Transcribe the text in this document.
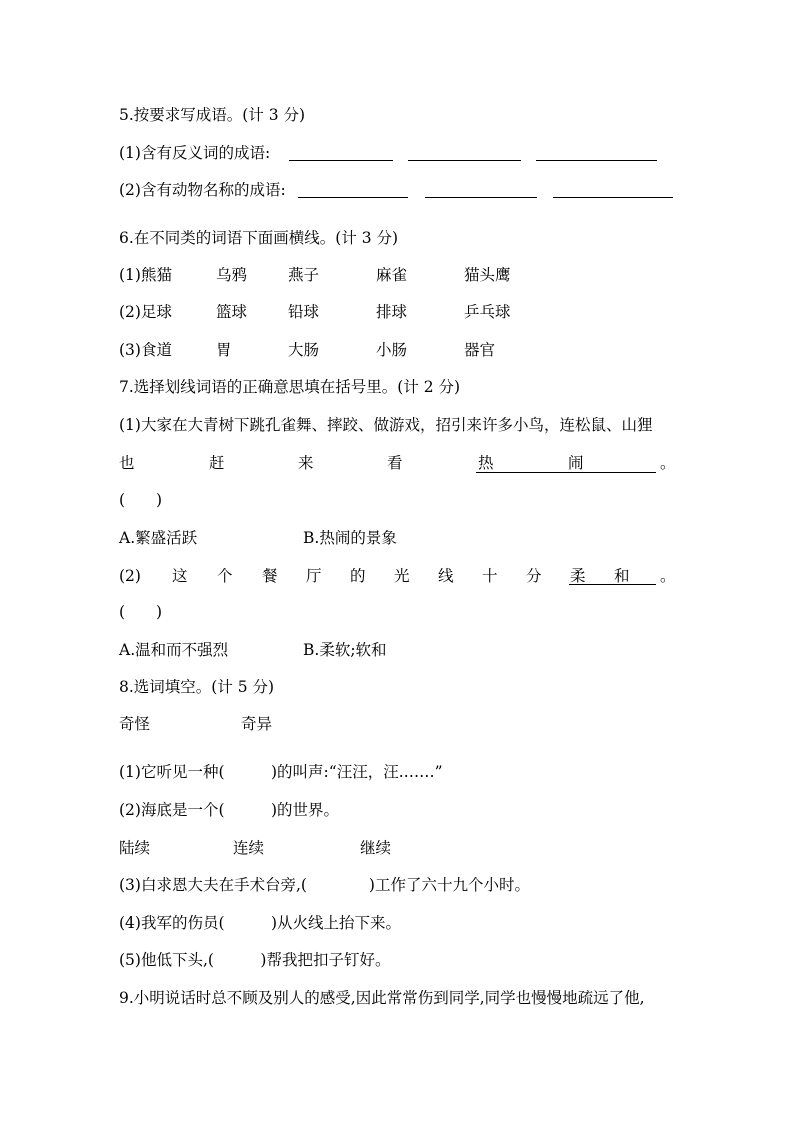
5.按要求写成语。(计 3 分)
(1)含有反义词的成语:
(2)含有动物名称的成语:
6.在不同类的词语下面画横线。(计 3 分)
(1)熊猫	乌鸦	燕子	麻雀	猫头鹰
(2)足球	篮球	铅球	排球	乒乓球
(3)食道	胃	大肠	小肠	器官
7.选择划线词语的正确意思填在括号里。(计 2 分)
(1)大家在大青树下跳孔雀舞、摔跤、做游戏，招引来许多小鸟，连松鼠、山狸
也	赶	来	看	热	闹	。
(　　)
A.繁盛活跃	B.热闹的景象
(2) 这 个 餐 厅 的 光 线 十 分 柔 和 。
(　　)
A.温和而不强烈	B.柔软;软和
8.选词填空。(计 5 分)
奇怪	奇异
(1)它听见一种(　　　)的叫声:“汪汪，汪.……”
(2)海底是一个(　　　)的世界。
陆续	连续	继续
(3)白求恩大夫在手术台旁,(　　　　)工作了六十九个小时。
(4)我军的伤员(　　　)从火线上抬下来。
(5)他低下头,(　　　)帮我把扣子钉好。
9.小明说话时总不顾及别人的感受,因此常常伤到同学,同学也慢慢地疏远了他,
